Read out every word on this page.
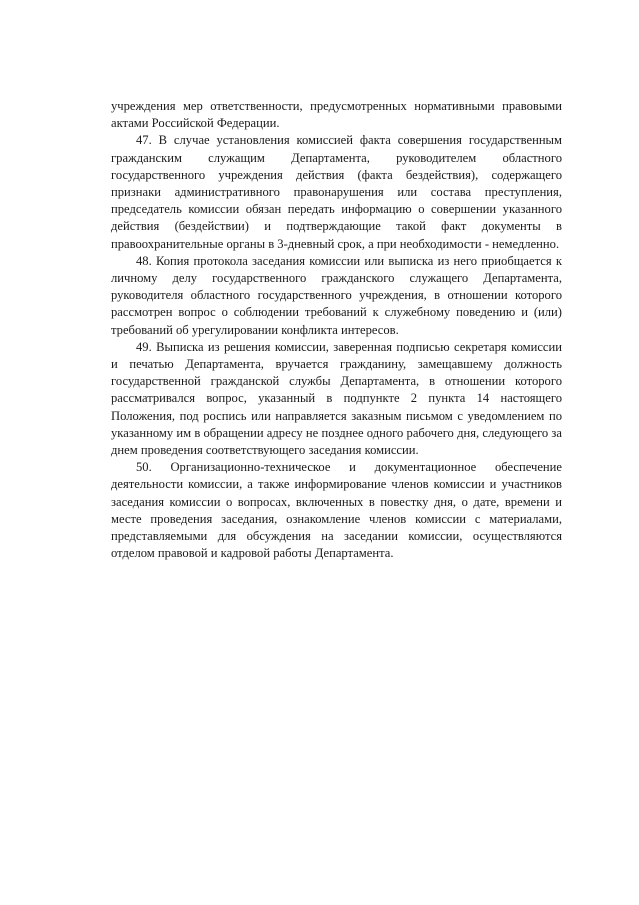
учреждения мер ответственности, предусмотренных нормативными правовыми актами Российской Федерации.

47. В случае установления комиссией факта совершения государственным гражданским служащим Департамента, руководителем областного государственного учреждения действия (факта бездействия), содержащего признаки административного правонарушения или состава преступления, председатель комиссии обязан передать информацию о совершении указанного действия (бездействии) и подтверждающие такой факт документы в правоохранительные органы в 3-дневный срок, а при необходимости - немедленно.

48. Копия протокола заседания комиссии или выписка из него приобщается к личному делу государственного гражданского служащего Департамента, руководителя областного государственного учреждения, в отношении которого рассмотрен вопрос о соблюдении требований к служебному поведению и (или) требований об урегулировании конфликта интересов.

49. Выписка из решения комиссии, заверенная подписью секретаря комиссии и печатью Департамента, вручается гражданину, замещавшему должность государственной гражданской службы Департамента, в отношении которого рассматривался вопрос, указанный в подпункте 2 пункта 14 настоящего Положения, под роспись или направляется заказным письмом с уведомлением по указанному им в обращении адресу не позднее одного рабочего дня, следующего за днем проведения соответствующего заседания комиссии.

50. Организационно-техническое и документационное обеспечение деятельности комиссии, а также информирование членов комиссии и участников заседания комиссии о вопросах, включенных в повестку дня, о дате, времени и месте проведения заседания, ознакомление членов комиссии с материалами, представляемыми для обсуждения на заседании комиссии, осуществляются отделом правовой и кадровой работы Департамента.
